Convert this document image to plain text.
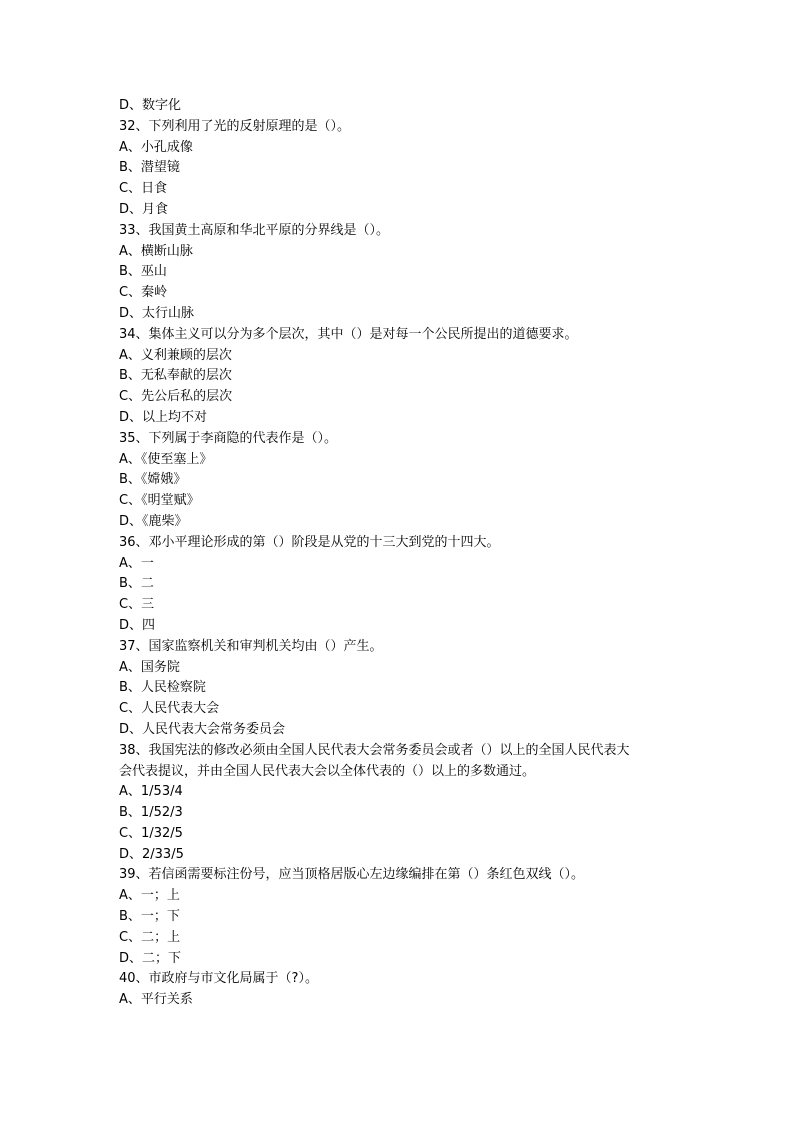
D、数字化
32、下列利用了光的反射原理的是（）。
A、小孔成像
B、潜望镜
C、日食
D、月食
33、我国黄土高原和华北平原的分界线是（）。
A、横断山脉
B、巫山
C、秦岭
D、太行山脉
34、集体主义可以分为多个层次，其中（）是对每一个公民所提出的道德要求。
A、义利兼顾的层次
B、无私奉献的层次
C、先公后私的层次
D、以上均不对
35、下列属于李商隐的代表作是（）。
A、《使至塞上》
B、《嫦娥》
C、《明堂赋》
D、《鹿柴》
36、邓小平理论形成的第（）阶段是从党的十三大到党的十四大。
A、一
B、二
C、三
D、四
37、国家监察机关和审判机关均由（）产生。
A、国务院
B、人民检察院
C、人民代表大会
D、人民代表大会常务委员会
38、我国宪法的修改必须由全国人民代表大会常务委员会或者（）以上的全国人民代表大
会代表提议，并由全国人民代表大会以全体代表的（）以上的多数通过。
A、1/53/4
B、1/52/3
C、1/32/5
D、2/33/5
39、若信函需要标注份号，应当顶格居版心左边缘编排在第（）条红色双线（）。
A、一；上
B、一；下
C、二；上
D、二；下
40、市政府与市文化局属于（?）。
A、平行关系
